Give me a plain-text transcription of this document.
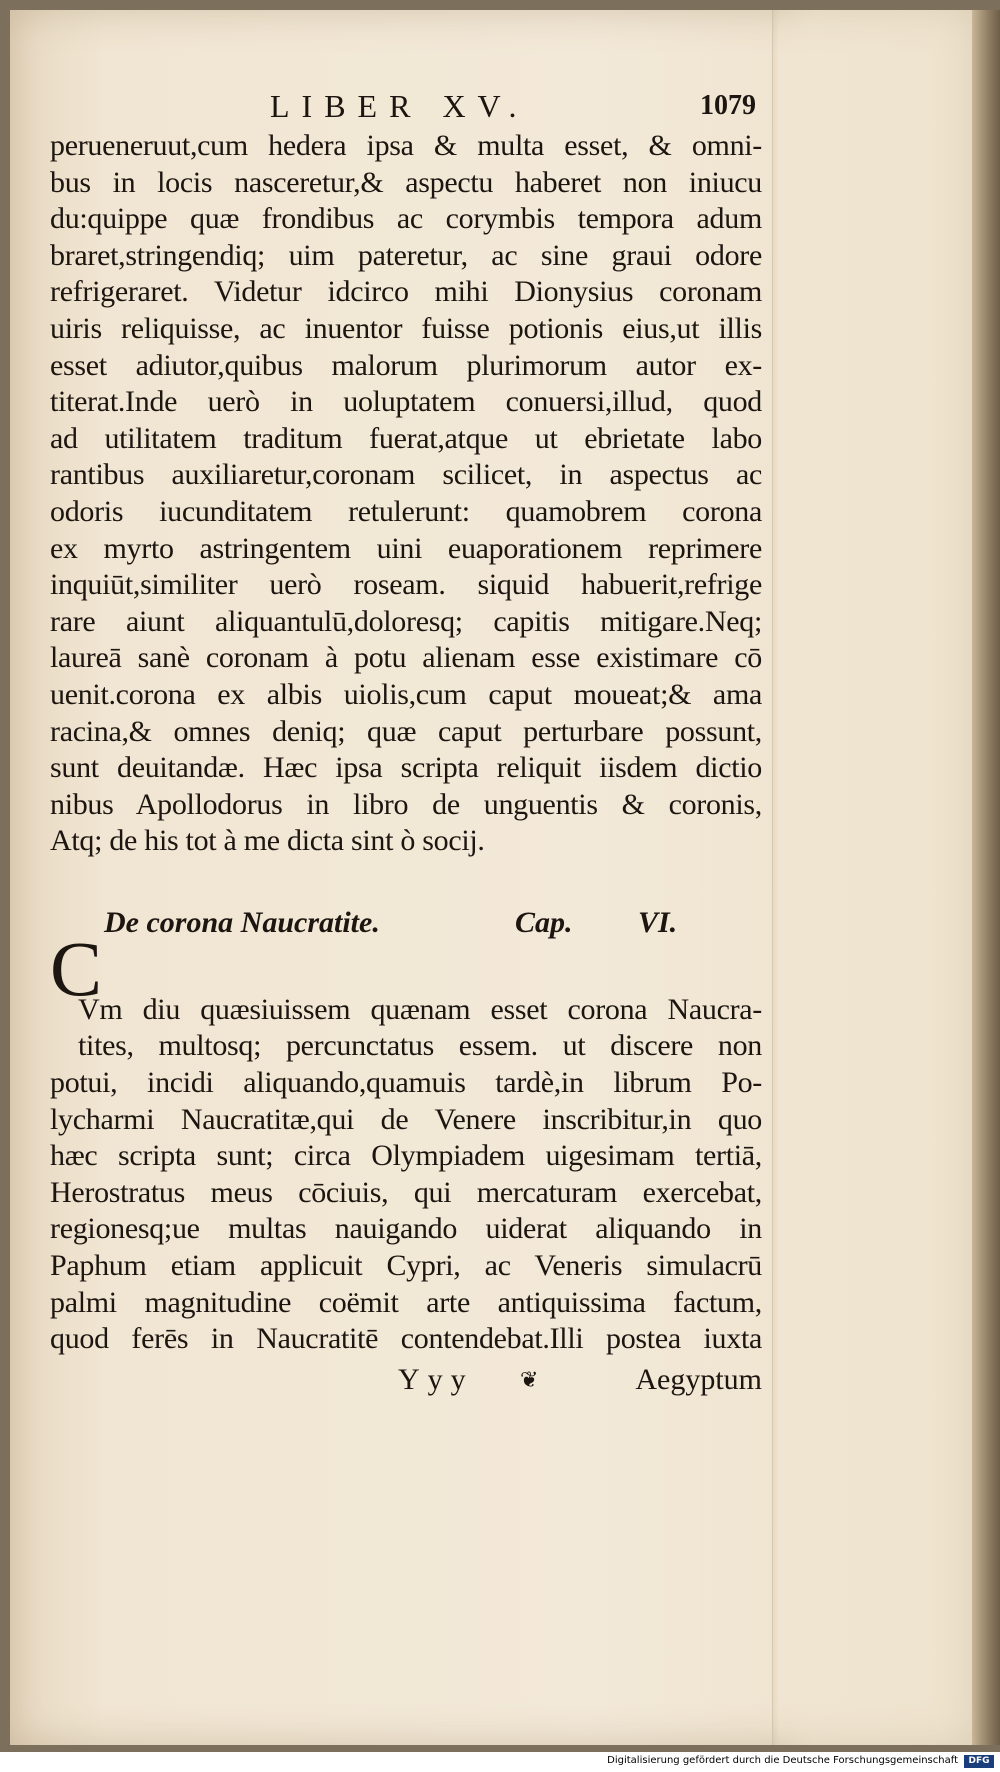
LIBER XV.	1079
perueneruut,cum hedera ipsa & multa esset, & omni-
bus in locis nasceretur,& aspectu haberet non iniucu
du:quippe quæ frondibus ac corymbis tempora adum
braret,stringendiq; uim pateretur, ac sine graui odore
refrigeraret. Videtur idcirco mihi Dionysius coronam
uiris reliquisse, ac inuentor fuisse potionis eius,ut illis
esset adiutor,quibus malorum plurimorum autor ex-
titerat.Inde uerò in uoluptatem conuersi,illud, quod
ad utilitatem traditum fuerat,atque ut ebrietate labo
rantibus auxiliaretur,coronam scilicet, in aspectus ac
odoris iucunditatem retulerunt: quamobrem corona
ex myrto astringentem uini euaporationem reprimere
inquiūt,similiter uerò roseam. siquid habuerit,refrige
rare aiunt aliquantulū,doloresq; capitis mitigare.Neq;
laureā sanè coronam à potu alienam esse existimare cō
uenit.corona ex albis uiolis,cum caput moueat;& ama
racina,& omnes deniq; quæ caput perturbare possunt,
sunt deuitandæ. Hæc ipsa scripta reliquit iisdem dictio
nibus Apollodorus in libro de unguentis & coronis,
Atq; de his tot à me dicta sint ò socij.
De corona Naucratite.	Cap. VI.
Vm diu quæsiuissem quænam esset corona Naucra-
tites, multosq; percunctatus essem. ut discere non
potui, incidi aliquando,quamuis tardè,in librum Po-
lycharmi Naucratitæ,qui de Venere inscribitur,in quo
hæc scripta sunt; circa Olympiadem uigesimam tertiā,
Herostratus meus cōciuis, qui mercaturam exercebat,
regionesq;ue multas nauigando uiderat aliquando in
Paphum etiam applicuit Cypri, ac Veneris simulacrū
palmi magnitudine coëmit arte antiquissima factum,
quod ferēs in Naucratitē contendebat.Illi postea iuxta
Yyy ❦	Aegyptum
C
Digitalisierung gefördert durch die Deutsche Forschungsgemeinschaft	DFG
